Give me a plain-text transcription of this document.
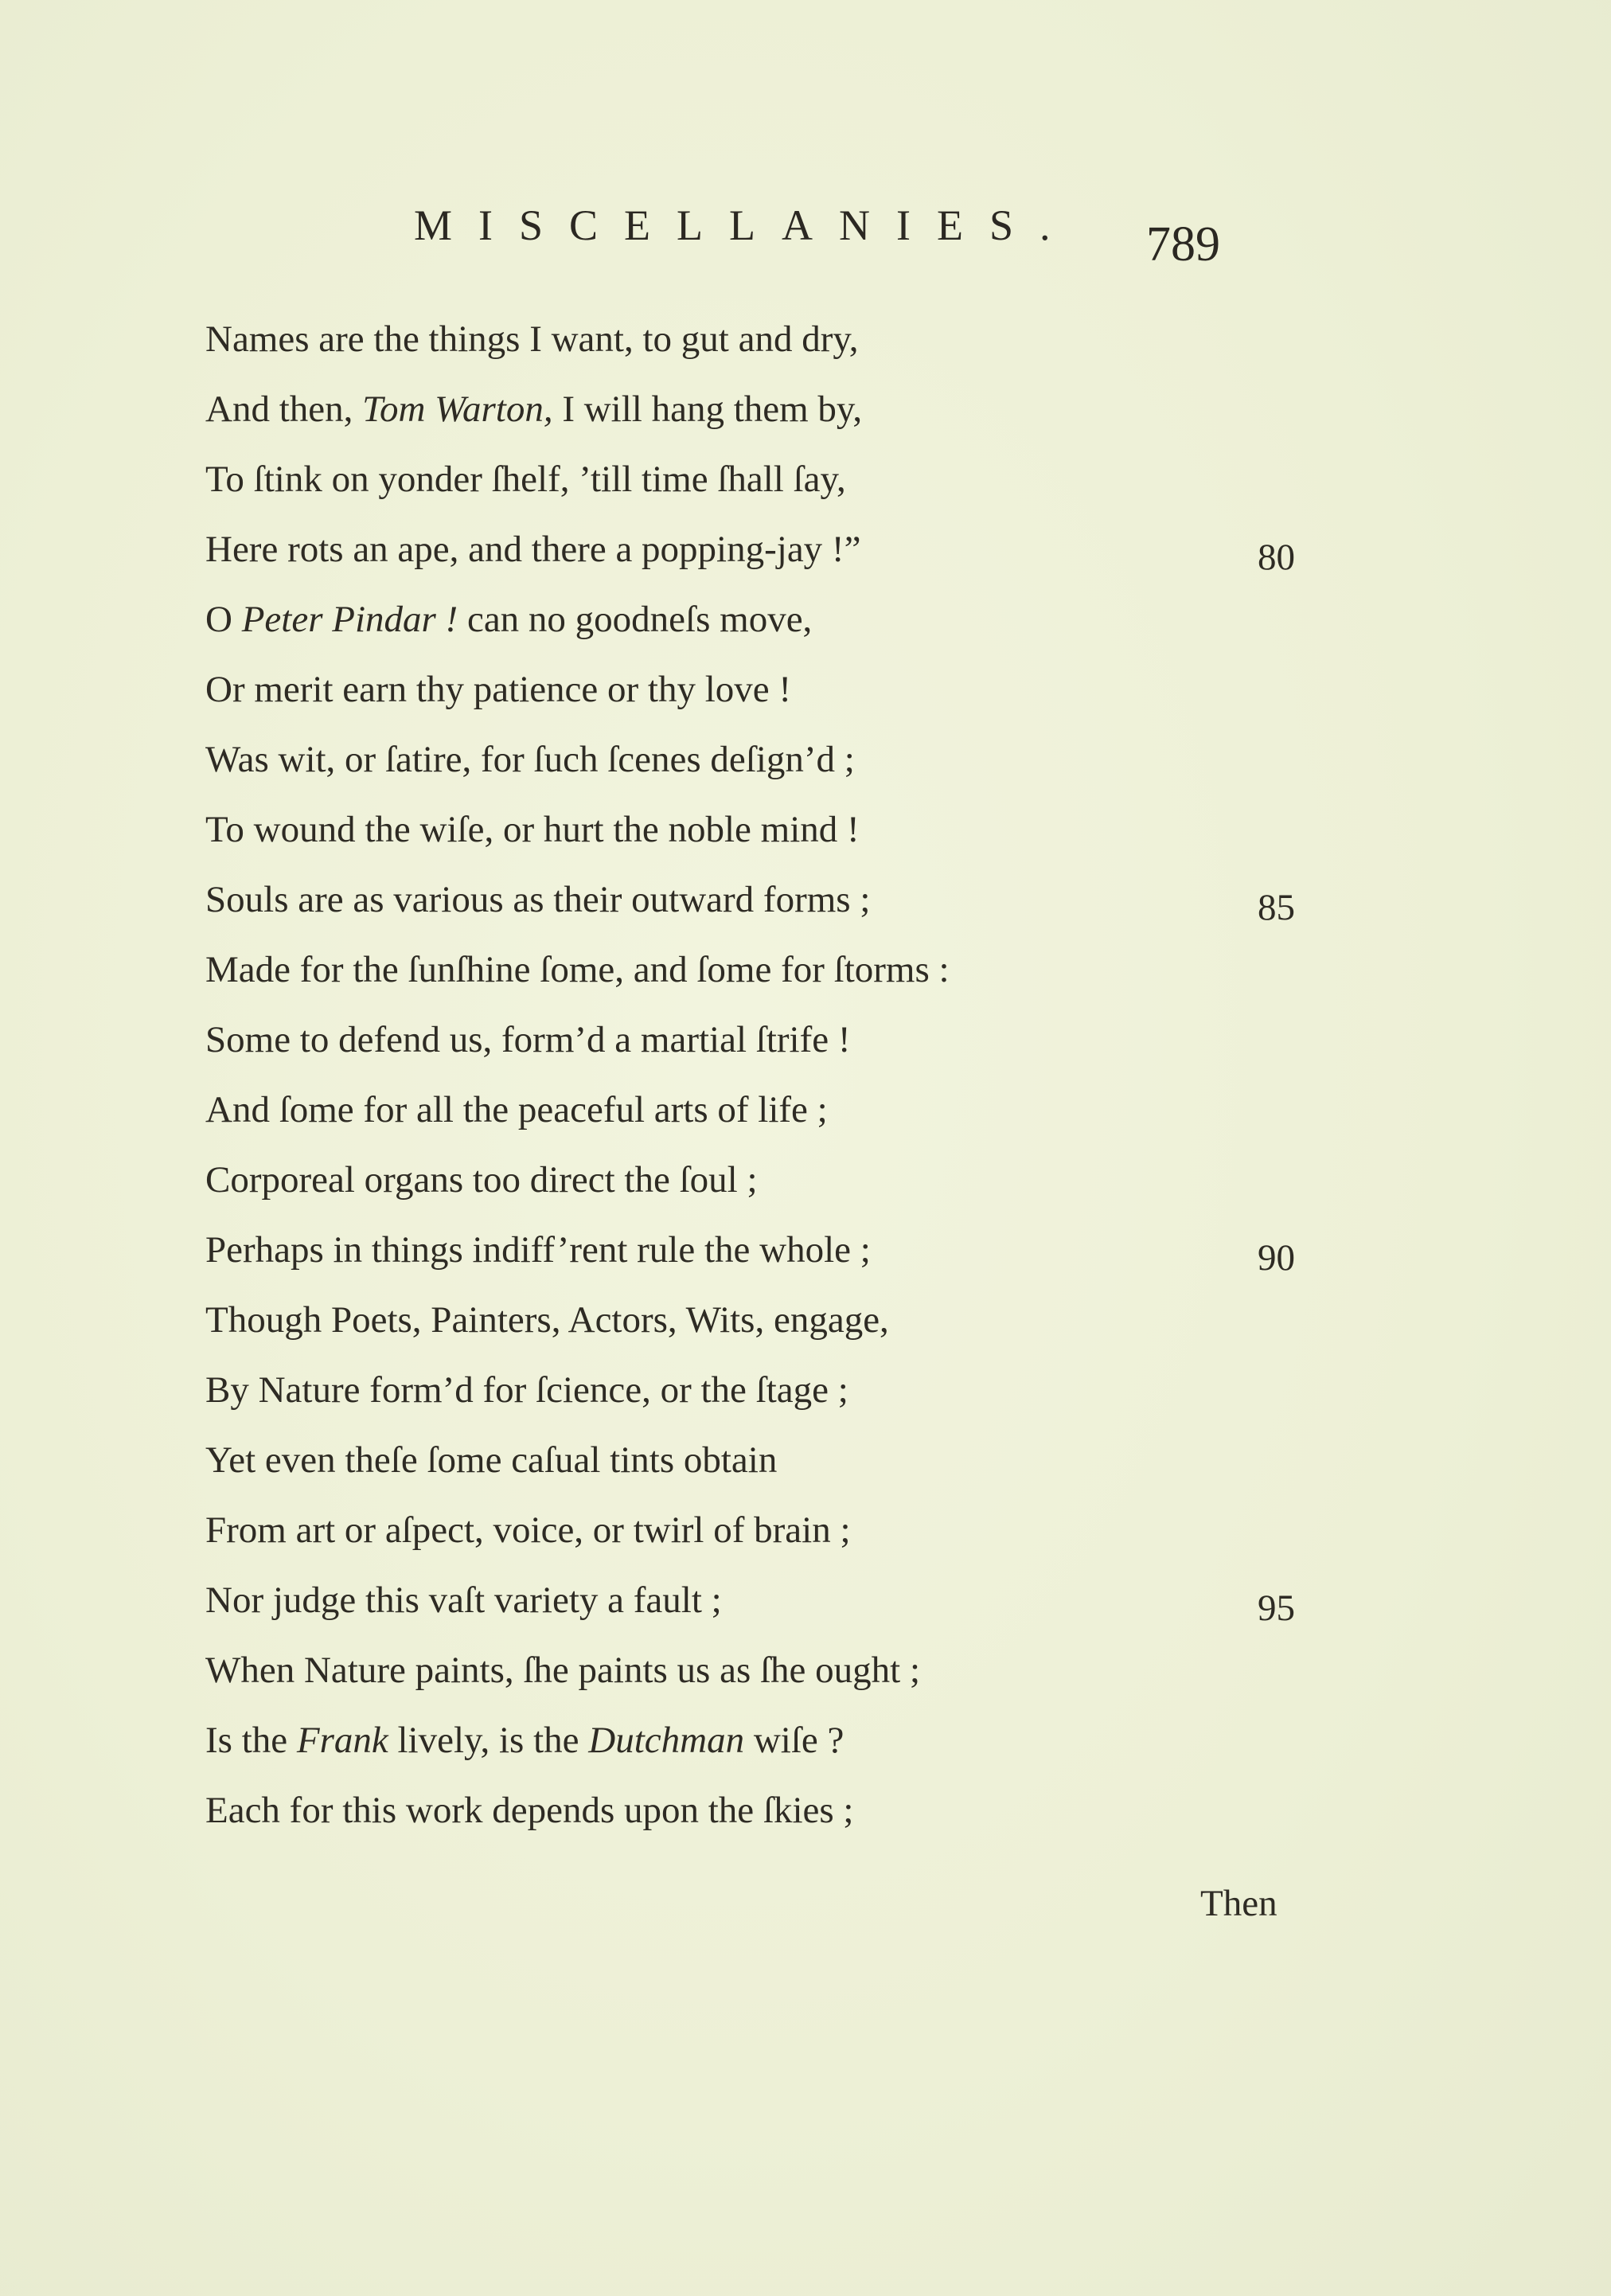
MISCELLANIES. 789
Names are the things I want, to gut and dry,
And then, Tom Warton, I will hang them by,
To ſtink on yonder ſhelf, ’till time ſhall ſay,
Here rots an ape, and there a popping-jay !”
O Peter Pindar ! can no goodneſs move,
Or merit earn thy patience or thy love !
Was wit, or ſatire, for ſuch ſcenes deſign’d ;
To wound the wiſe, or hurt the noble mind !
Souls are as various as their outward forms ;
Made for the ſunſhine ſome, and ſome for ſtorms :
Some to defend us, form’d a martial ſtrife !
And ſome for all the peaceful arts of life ;
Corporeal organs too direct the ſoul ;
Perhaps in things indiff’rent rule the whole ;
Though Poets, Painters, Actors, Wits, engage,
By Nature form’d for ſcience, or the ſtage ;
Yet even theſe ſome caſual tints obtain
From art or aſpect, voice, or twirl of brain ;
Nor judge this vaſt variety a fault ;
When Nature paints, ſhe paints us as ſhe ought ;
Is the Frank lively, is the Dutchman wiſe ?
Each for this work depends upon the ſkies ;
80
85
90
95
Then
